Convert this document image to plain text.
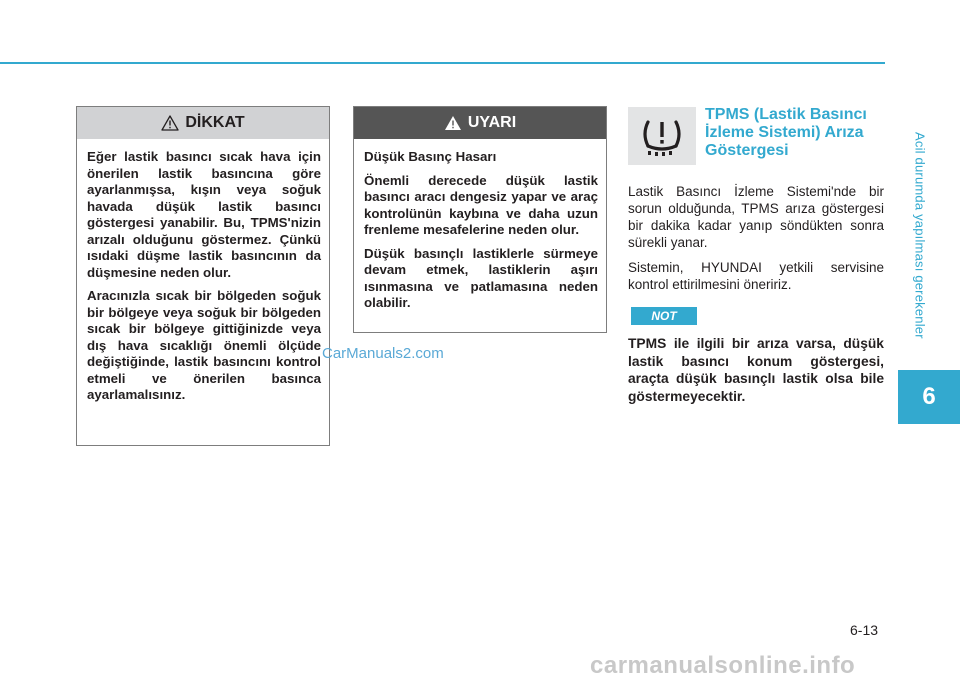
Acil durumda yapılması gerekenler
6
DİKKAT

Eğer lastik basıncı sıcak hava için önerilen lastik basıncına göre ayarlanmışsa, kışın veya soğuk havada düşük lastik basıncı göstergesi yanabilir. Bu, TPMS'nizin arızalı olduğunu göstermez. Çünkü ısıdaki düşme lastik basıncının da düşmesine neden olur.

Aracınızla sıcak bir bölgeden soğuk bir bölgeye veya soğuk bir bölgeden sıcak bir bölgeye gittiğinizde veya dış hava sıcaklığı önemli ölçüde değiştiğinde, lastik basıncını kontrol etmeli ve önerilen basınca ayarlamalısınız.

UYARI

Düşük Basınç Hasarı

Önemli derecede düşük lastik basıncı aracı dengesiz yapar ve araç kontrolünün kaybına ve daha uzun frenleme mesafelerine neden olur.

Düşük basınçlı lastiklerle sürmeye devam etmek, lastiklerin aşırı ısınmasına ve patlamasına neden olabilir.

TPMS (Lastik Basıncı
İzleme Sistemi) Arıza
Göstergesi

Lastik Basıncı İzleme Sistemi'nde bir sorun olduğunda, TPMS arıza göstergesi bir dakika kadar yanıp söndükten sonra sürekli yanar.

Sistemin, HYUNDAI yetkili servisine kontrol ettirilmesini öneririz.

NOT
TPMS ile ilgili bir arıza varsa, düşük lastik basıncı konum göstergesi, araçta düşük basınçlı lastik olsa bile göstermeyecektir.
CarManuals2.com
carmanualsonline.info
6-13
